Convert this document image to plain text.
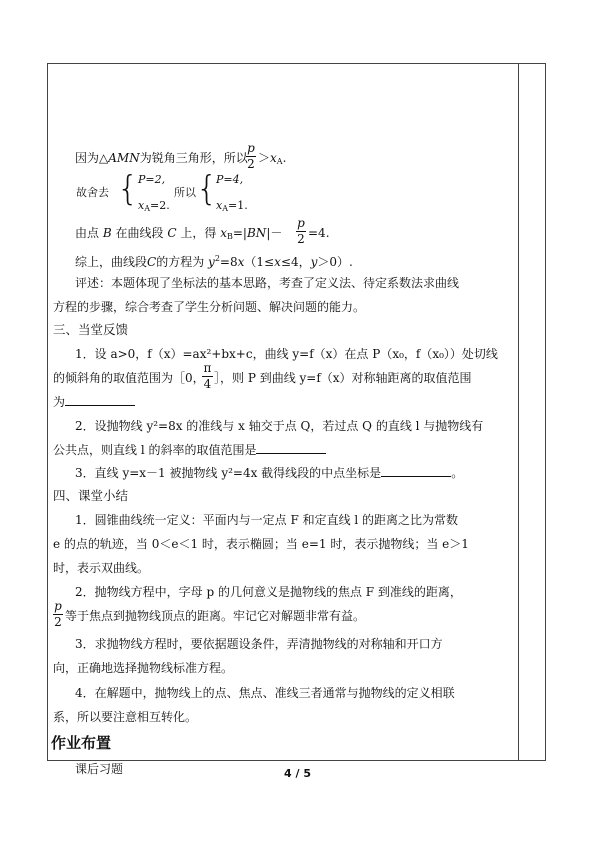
因为△AMN为锐角三角形，所以
p
$2 >x_A$.
故舍去 { P=2,
$x_A=2$.
所以 {
P=4,
$x_A=1$.
由点 B 在曲线段 C 上，得 $x_B=|BN|-$
p
2 =4.
综上，曲线段C的方程为 $y^2=8x(1\le x\le 4$，y＞0）.
评述：本题体现了坐标法的基本思路，考查了定义法、待定系数法求曲线
方程的步骤，综合考查了学生分析问题、解决问题的能力。
三、当堂反馈
1．设 a>0，f（x）=ax²+bx+c，曲线 y=f（x）在点 P（x₀，f（x₀））处切线
的倾斜角的取值范围为［0，
π
4 ］，则 P 到曲线 y=f（x）对称轴距离的取值范围
为
2．设抛物线 y²=8x 的准线与 x 轴交于点 Q，若过点 Q 的直线 l 与抛物线有
公共点，则直线 l 的斜率的取值范围是
3．直线 y=x－1 被抛物线 y²=4x 截得线段的中点坐标是	。
四、课堂小结
1．圆锥曲线统一定义：平面内与一定点 F 和定直线 l 的距离之比为常数
e 的点的轨迹，当 0＜e＜1 时，表示椭圆；当 e=1 时，表示抛物线；当 e＞1
时，表示双曲线。
2．抛物线方程中，字母 p 的几何意义是抛物线的焦点 F 到准线的距离，
p
2 等于焦点到抛物线顶点的距离。牢记它对解题非常有益。
3．求抛物线方程时，要依据题设条件，弄清抛物线的对称轴和开口方
向，正确地选择抛物线标准方程。
4．在解题中，抛物线上的点、焦点、准线三者通常与抛物线的定义相联
系，所以要注意相互转化。
作业布置
课后习题	4 / 5
